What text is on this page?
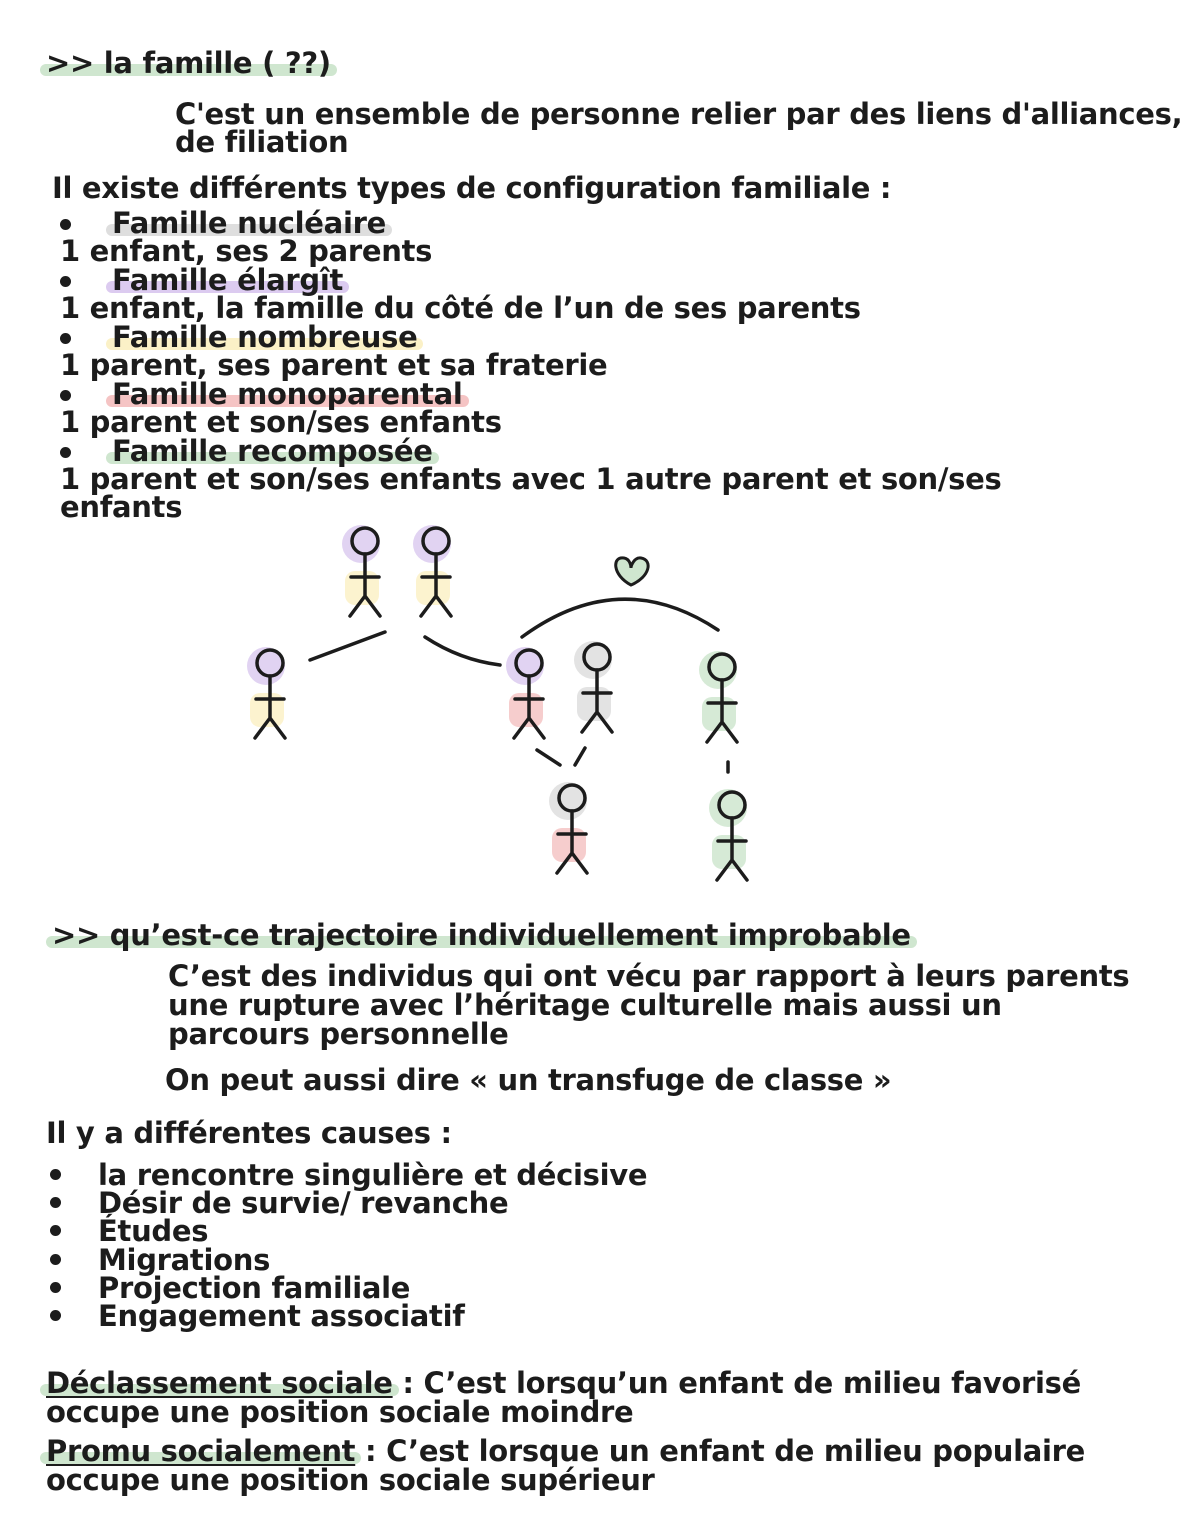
>> la famille ( ??)
C'est un ensemble de personne relier par des liens d'alliances,
de filiation
Il existe différents types de configuration familiale :
Famille nucléaire
1 enfant, ses 2 parents
Famille élargît
1 enfant, la famille du côté de l’un de ses parents
Famille nombreuse
1 parent, ses parent et sa fraterie
Famille monoparental
1 parent et son/ses enfants
Famille recomposée
1 parent et son/ses enfants avec 1 autre parent et son/ses
enfants
>> qu’est-ce trajectoire individuellement improbable
C’est des individus qui ont vécu par rapport à leurs parents
une rupture avec l’héritage culturelle mais aussi un
parcours personnelle
On peut aussi dire « un transfuge de classe »
Il y a différentes causes :
la rencontre singulière et décisive
Désir de survie/ revanche
Études
Migrations
Projection familiale
Engagement associatif
Déclassement sociale : C’est lorsqu’un enfant de milieu favorisé
occupe une position sociale moindre
Promu socialement : C’est lorsque un enfant de milieu populaire
occupe une position sociale supérieur
